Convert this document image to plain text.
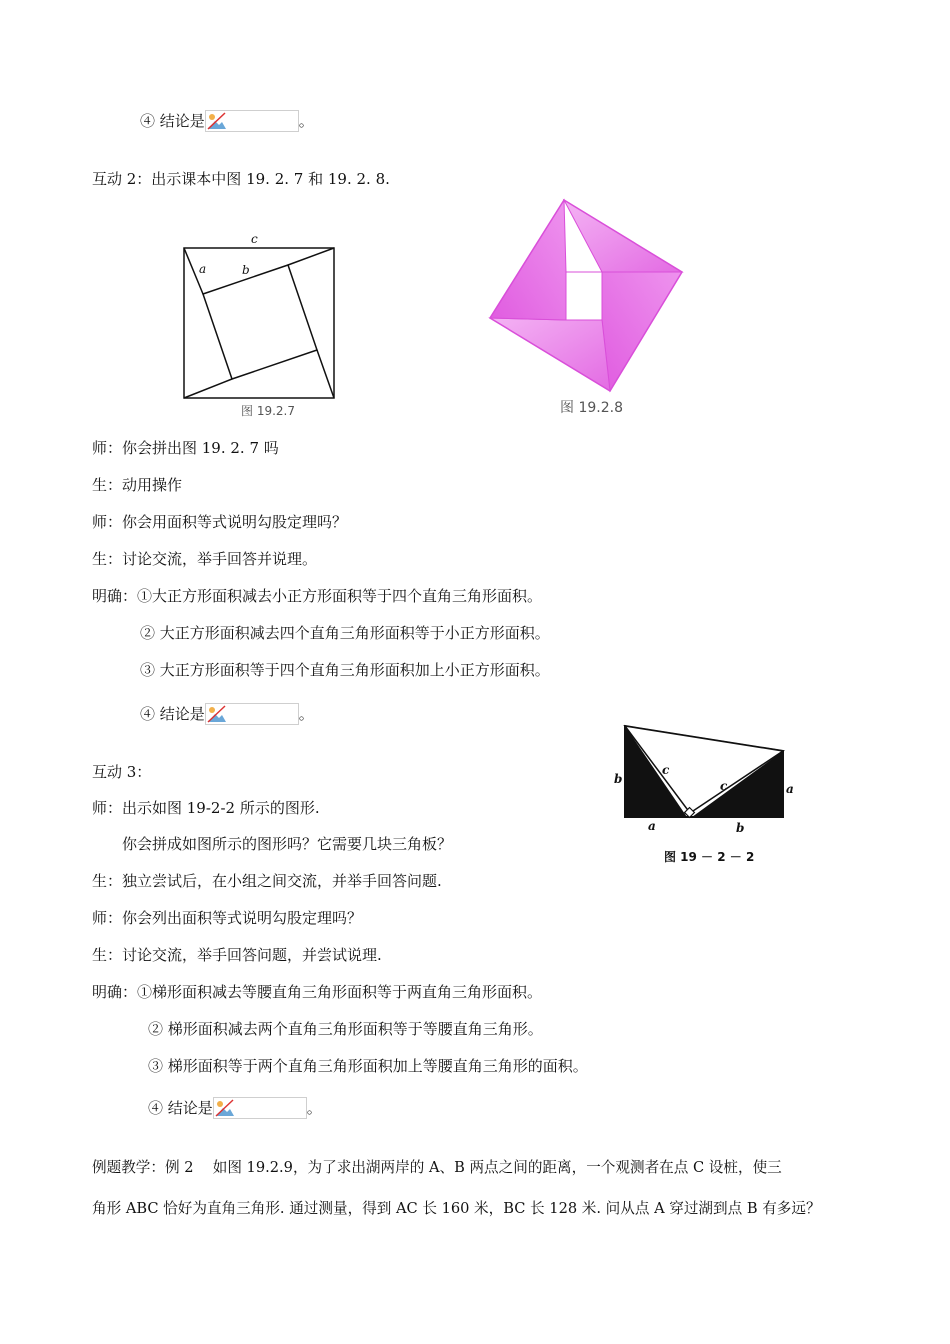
④ 结论是	。
互动 2：出示课本中图 19. 2. 7 和 19. 2. 8.
c
a	b
图 19.2.7	图 19.2.8
师：你会拼出图 19. 2. 7 吗
生：动用操作
师：你会用面积等式说明勾股定理吗？
生：讨论交流，举手回答并说理。
明确：①大正方形面积减去小正方形面积等于四个直角三角形面积。
② 大正方形面积减去四个直角三角形面积等于小正方形面积。
③ 大正方形面积等于四个直角三角形面积加上小正方形面积。
④ 结论是	。
b
c
c	a
a	b
图 19 － 2 － 2
互动 3：
师：出示如图 19-2-2 所示的图形.
你会拼成如图所示的图形吗？它需要几块三角板？
生：独立尝试后，在小组之间交流，并举手回答问题.
师：你会列出面积等式说明勾股定理吗？
生：讨论交流，举手回答问题，并尝试说理.
明确：①梯形面积减去等腰直角三角形面积等于两直角三角形面积。
② 梯形面积减去两个直角三角形面积等于等腰直角三角形。
③ 梯形面积等于两个直角三角形面积加上等腰直角三角形的面积。
④ 结论是	。
例题教学：例 2　 如图 19.2.9，为了求出湖两岸的 A、B 两点之间的距离，一个观测者在点 C 设桩，使三
角形 ABC 恰好为直角三角形. 通过测量，得到 AC 长 160 米，BC 长 128 米. 问从点 A 穿过湖到点 B 有多远？
